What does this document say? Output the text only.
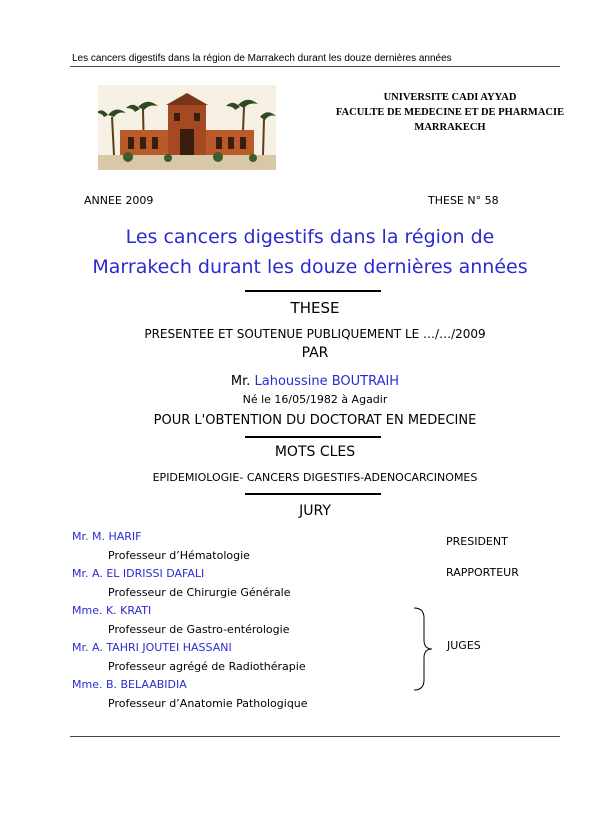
Les cancers digestifs dans la région de Marrakech durant les douze dernières années
UNIVERSITE CADI AYYAD
FACULTE DE MEDECINE ET DE PHARMACIE
MARRAKECH
ANNEE 2009	THESE N° 58
Les cancers digestifs dans la région de
Marrakech durant les douze dernières années
THESE
PRESENTEE ET SOUTENUE PUBLIQUEMENT LE …/…/2009
PAR
Mr. Lahoussine BOUTRAIH
Né le 16/05/1982 à Agadir
POUR L'OBTENTION DU DOCTORAT EN MEDECINE
MOTS CLES
EPIDEMIOLOGIE- CANCERS DIGESTIFS-ADENOCARCINOMES
JURY
Mr. M. HARIF
Professeur d’Hématologie
Mr. A. EL IDRISSI DAFALI
Professeur de Chirurgie Générale
Mme. K. KRATI
Professeur de Gastro-entérologie
Mr. A. TAHRI JOUTEI HASSANI
Professeur agrégé de Radiothérapie
Mme. B. BELAABIDIA
Professeur d’Anatomie Pathologique
PRESIDENT
RAPPORTEUR
JUGES
